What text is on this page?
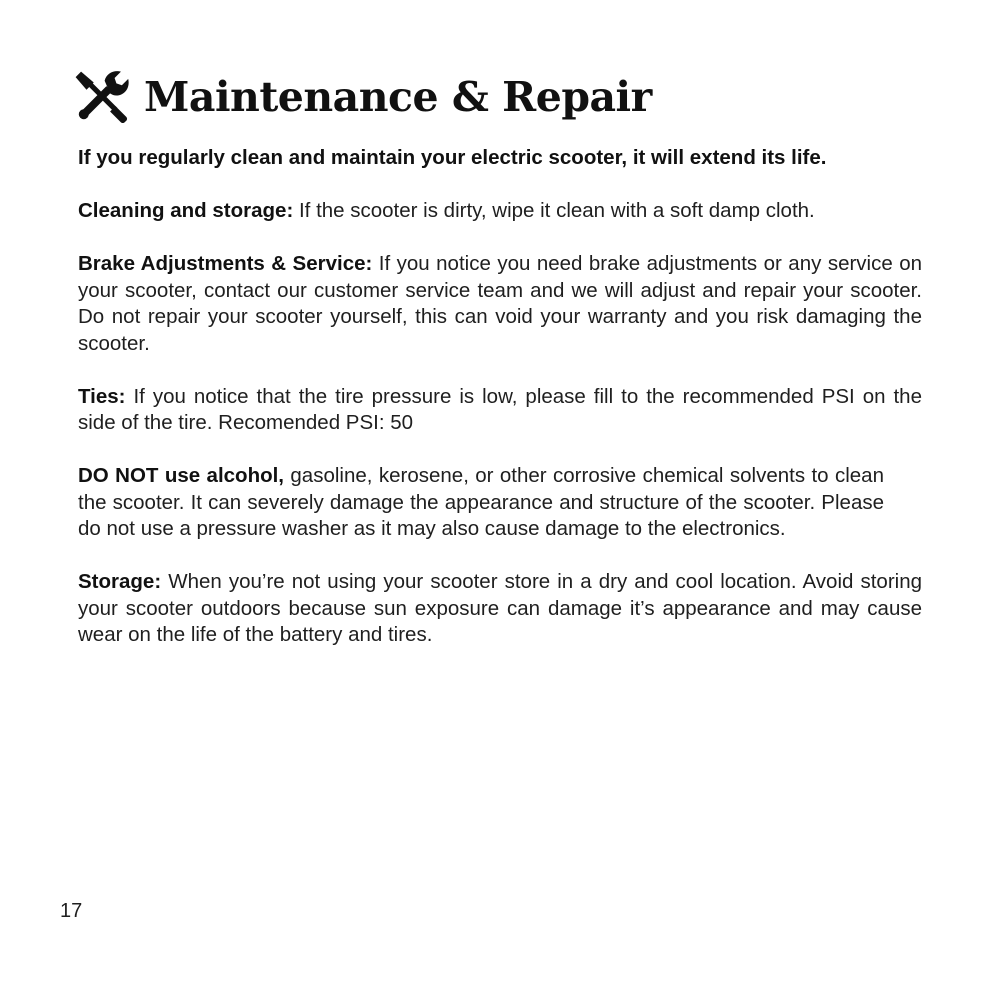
Maintenance & Repair

If you regularly clean and maintain your electric scooter, it will extend its life.

Cleaning and storage: If the scooter is dirty, wipe it clean with a soft damp cloth.

Brake Adjustments & Service: If you notice you need brake adjustments or any service on your scooter, contact our customer service team and we will adjust and repair your scooter. Do not repair your scooter yourself, this can void your warranty and you risk damaging the scooter.

Ties: If you notice that the tire pressure is low, please fill to the recommended PSI on the side of the tire. Recomended PSI: 50

DO NOT use alcohol, gasoline, kerosene, or other corrosive chemical solvents to clean the scooter. It can severely damage the appearance and structure of the scooter. Please do not use a pressure washer as it may also cause damage to the electronics.

Storage: When you’re not using your scooter store in a dry and cool location. Avoid storing your scooter outdoors because sun exposure can damage it’s appearance and may cause wear on the life of the battery and tires.

17
